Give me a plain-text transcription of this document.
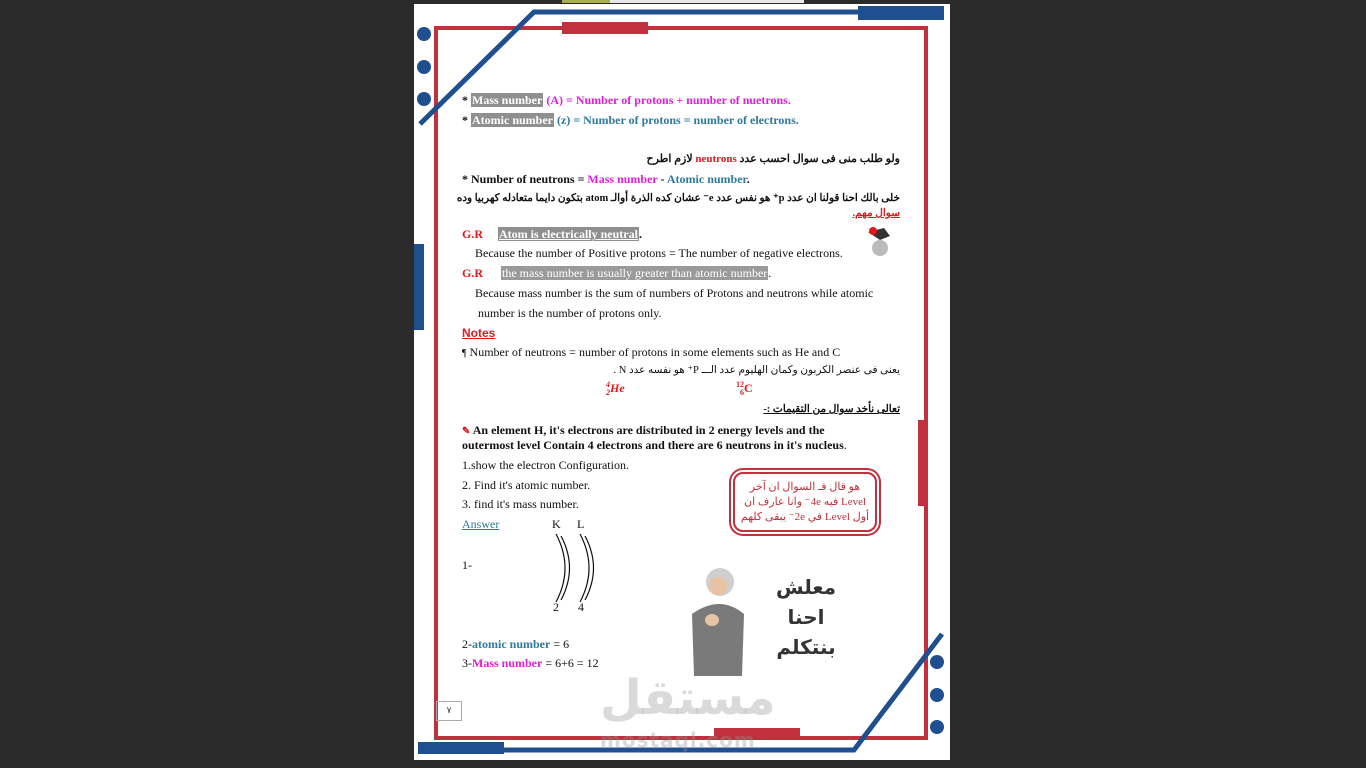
* Mass number (A) = Number of protons + number of nuetrons.
* Atomic number (z) = Number of protons = number of electrons.
ولو طلب منى فى سوال احسب عدد neutrons لازم اطرح
* Number of neutrons = Mass number - Atomic number.
خلى بالك احنا قولنا ان عدد p⁺ هو نفس عدد e⁻ عشان كده الذرة أوالـ atom بتكون دايما متعادله كهربيا وده
سوال مهم.
G.R Atom is electrically neutral.
Because the number of Positive protons = The number of negative electrons.
G.R the mass number is usually greater than atomic number.
Because mass number is the sum of numbers of Protons and neutrons while atomic
number is the number of protons only.
Notes
¶ Number of neutrons = number of protons in some elements such as He and C
يعنى فى عنصر الكربون وكمان الهليوم عدد الـــ P⁺ هو نفسه عدد N .
4
2He	12
6C
تعالى نأخد سوال من التقيمات :-
✎ An element H, it's electrons are distributed in 2 energy levels and the
outermost level Contain 4 electrons and there are 6 neutrons in it's nucleus.
1.show the electron Configuration.
2. Find it's atomic number.
3. find it's mass number.
هو قال فـ السوال ان آخر
Level فيه 4e⁻ وانا عارف ان
أول Level في 2e⁻ يبقى كلهم
Answer	K L
1-
2 4
2-atomic number = 6
3-Mass number = 6+6 = 12
معلش
احنا
بنتكلم
٧	مستقل
mostaql.com
